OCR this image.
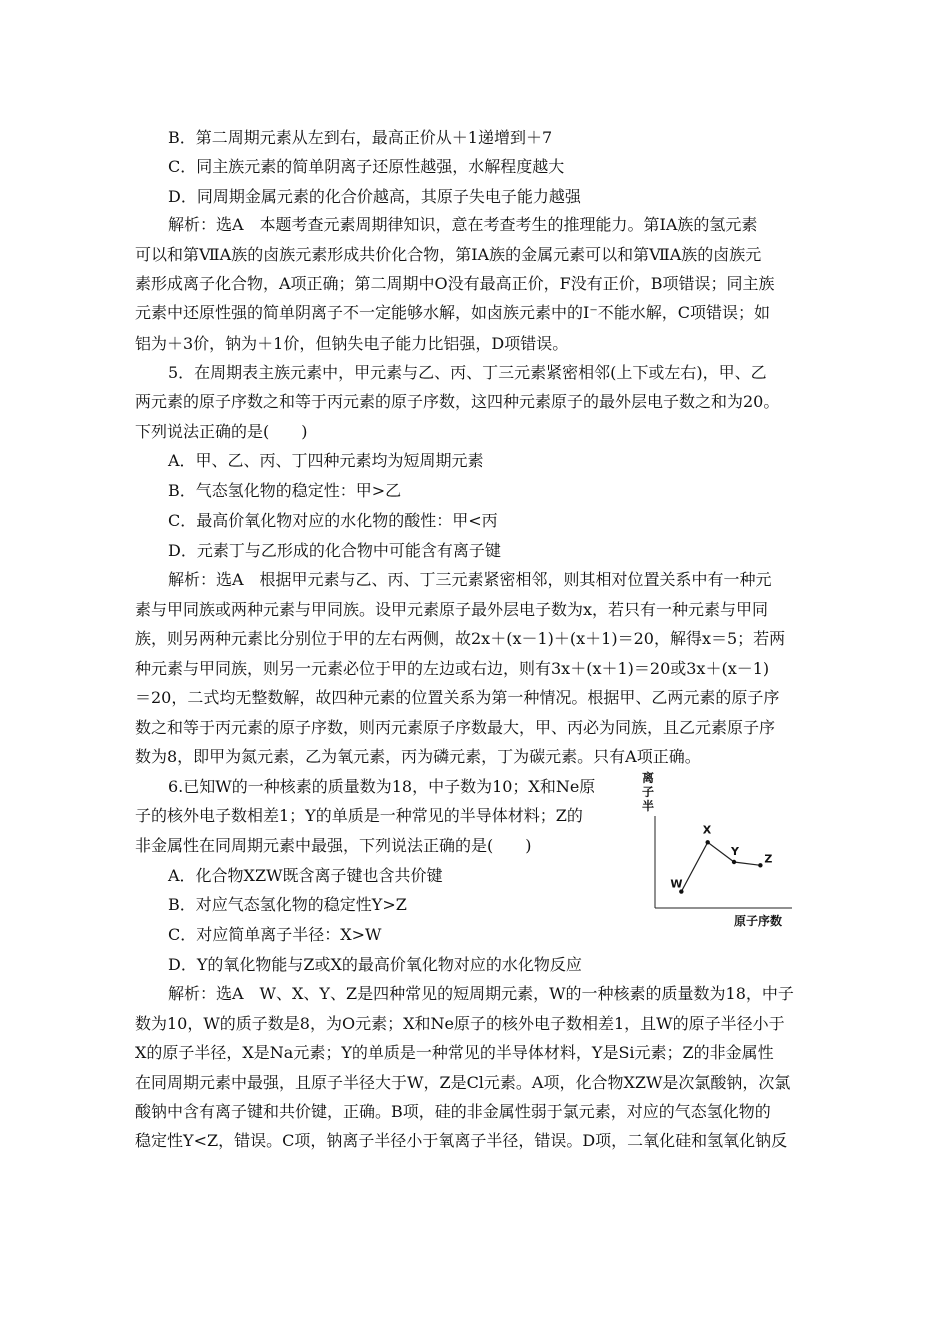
B．第二周期元素从左到右，最高正价从＋1递增到＋7
C．同主族元素的简单阴离子还原性越强，水解程度越大
D．同周期金属元素的化合价越高，其原子失电子能力越强
解析：选A　本题考查元素周期律知识，意在考查考生的推理能力。第ⅠA族的氢元素
可以和第ⅦA族的卤族元素形成共价化合物，第ⅠA族的金属元素可以和第ⅦA族的卤族元
素形成离子化合物，A项正确；第二周期中O没有最高正价，F没有正价，B项错误；同主族
元素中还原性强的简单阴离子不一定能够水解，如卤族元素中的I⁻不能水解，C项错误；如
铝为＋3价，钠为＋1价，但钠失电子能力比铝强，D项错误。
5．在周期表主族元素中，甲元素与乙、丙、丁三元素紧密相邻(上下或左右)，甲、乙
两元素的原子序数之和等于丙元素的原子序数，这四种元素原子的最外层电子数之和为20。
下列说法正确的是(　　)
A．甲、乙、丙、丁四种元素均为短周期元素
B．气态氢化物的稳定性：甲>乙
C．最高价氧化物对应的水化物的酸性：甲<丙
D．元素丁与乙形成的化合物中可能含有离子键
解析：选A　根据甲元素与乙、丙、丁三元素紧密相邻，则其相对位置关系中有一种元
素与甲同族或两种元素与甲同族。设甲元素原子最外层电子数为x，若只有一种元素与甲同
族，则另两种元素比分别位于甲的左右两侧，故2x＋(x－1)＋(x＋1)＝20，解得x＝5；若两
种元素与甲同族，则另一元素必位于甲的左边或右边，则有3x＋(x＋1)＝20或3x＋(x－1)
＝20，二式均无整数解，故四种元素的位置关系为第一种情况。根据甲、乙两元素的原子序
数之和等于丙元素的原子序数，则丙元素原子序数最大，甲、丙必为同族，且乙元素原子序
数为8，即甲为氮元素，乙为氧元素，丙为磷元素，丁为碳元素。只有A项正确。
6.已知W的一种核素的质量数为18，中子数为10；X和Ne原
子的核外电子数相差1；Y的单质是一种常见的半导体材料；Z的
非金属性在同周期元素中最强，下列说法正确的是(　　)
A．化合物XZW既含离子键也含共价键
B．对应气态氢化物的稳定性Y>Z
C．对应简单离子半径：X>W
D．Y的氧化物能与Z或X的最高价氧化物对应的水化物反应
解析：选A　W、X、Y、Z是四种常见的短周期元素，W的一种核素的质量数为18，中子
数为10，W的质子数是8，为O元素；X和Ne原子的核外电子数相差1，且W的原子半径小于
X的原子半径，X是Na元素；Y的单质是一种常见的半导体材料，Y是Si元素；Z的非金属性
在同周期元素中最强，且原子半径大于W，Z是Cl元素。A项，化合物XZW是次氯酸钠，次氯
酸钠中含有离子键和共价键，正确。B项，硅的非金属性弱于氯元素，对应的气态氢化物的
稳定性Y<Z，错误。C项，钠离子半径小于氧离子半径，错误。D项，二氧化硅和氢氧化钠反
离
子
半
原子序数
W
X
Y
Z
